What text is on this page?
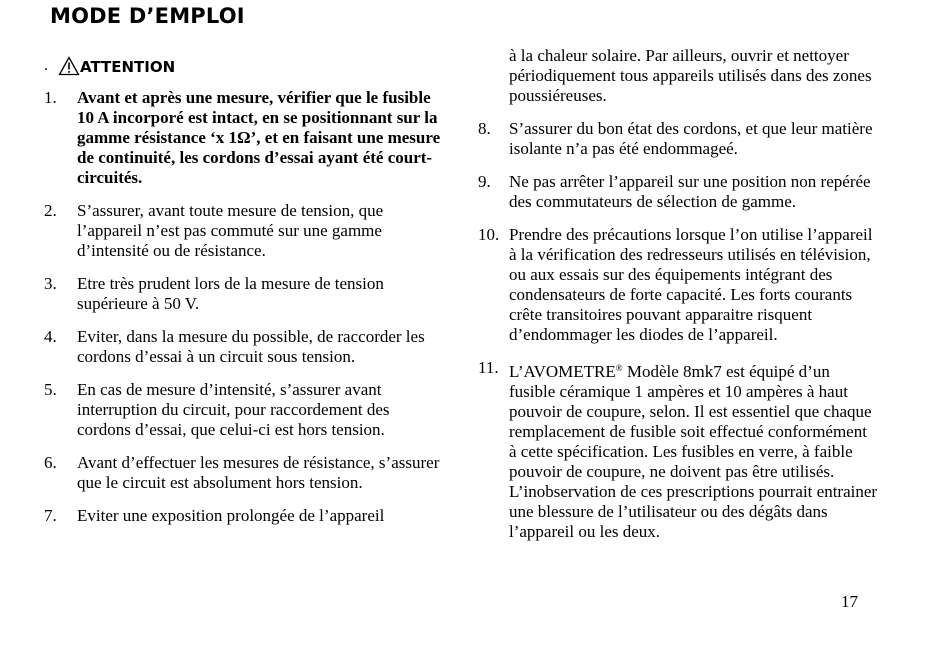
MODE D’EMPLOI
.	ATTENTION
1.	Avant et après une mesure, vérifier que le fusible 10 A incorporé est intact, en se positionnant sur la gamme résistance ‘x 1Ω’, et en faisant une mesure de continuité, les cordons d’essai ayant été court-circuités.
2.	S’assurer, avant toute mesure de tension, que l’appareil n’est pas commuté sur une gamme d’intensité ou de résistance.
3.	Etre très prudent lors de la mesure de tension supérieure à 50 V.
4.	Eviter, dans la mesure du possible, de raccorder les cordons d’essai à un circuit sous tension.
5.	En cas de mesure d’intensité, s’assurer avant interruption du circuit, pour raccordement des cordons d’essai, que celui-ci est hors tension.
6.	Avant d’effectuer les mesures de résistance, s’assurer que le circuit est absolument hors tension.
7.	Eviter une exposition prolongée de l’appareil
à la chaleur solaire. Par ailleurs, ouvrir et nettoyer périodiquement tous appareils utilisés dans des zones poussiéreuses.
8.	S’assurer du bon état des cordons, et que leur matière isolante n’a pas été endommageé.
9.	Ne pas arrêter l’appareil sur une position non repérée des commutateurs de sélection de gamme.
10. Prendre des précautions lorsque l’on utilise l’appareil à la vérification des redresseurs utilisés en télévision, ou aux essais sur des équipements intégrant des condensateurs de forte capacité. Les forts courants crête transitoires pouvant apparaitre risquent d’endommager les diodes de l’appareil.
11. L’AVOMETRE® Modèle 8mk7 est équipé d’un fusible céramique 1 ampères et 10 ampères à haut pouvoir de coupure, selon. Il est essentiel que chaque remplacement de fusible soit effectué conformément à cette spécification. Les fusibles en verre, à faible pouvoir de coupure, ne doivent pas être utilisés. L’inobservation de ces prescriptions pourrait entrainer une blessure de l’utilisateur ou des dégâts dans l’appareil ou les deux.
17
